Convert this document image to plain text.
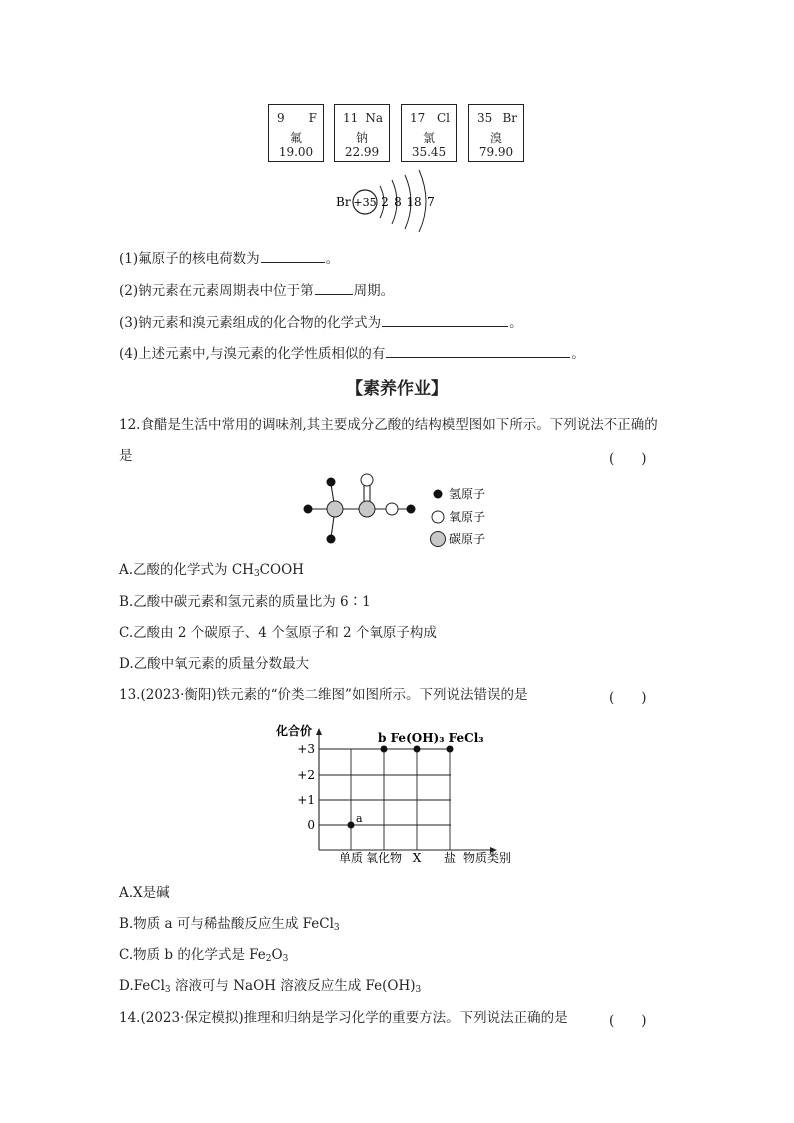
9 F
氟
19.00
11 Na
钠
22.99
17 Cl
氯
35.45
35 Br
溴
79.90
Br +35 2 8 18 7
(1)氟原子的核电荷数为	。
(2)钠元素在元素周期表中位于第	周期。
(3)钠元素和溴元素组成的化合物的化学式为	。
(4)上述元素中,与溴元素的化学性质相似的有	。
【素养作业】
12.食醋是生活中常用的调味剂,其主要成分乙酸的结构模型图如下所示。下列说法不正确的
是	(　　)
氢原子
氧原子
碳原子
A.乙酸的化学式为 $CH_3COOH$
B.乙酸中碳元素和氢元素的质量比为 6∶1
C.乙酸由 2 个碳原子、4 个氢原子和 2 个氧原子构成
D.乙酸中氧元素的质量分数最大
13.(2023·衡阳)铁元素的“价类二维图”如图所示。下列说法错误的是	(　　)
化合价
+3
+2
+1
0
单质 氧化物 X 盐 物质类别
a
b Fe(OH)₃ FeCl₃
A.X是碱
B.物质 a 可与稀盐酸反应生成 FeCl$_3$
C.物质 b 的化学式是 $Fe_2O_3$
D.FeCl$_3$ 溶液可与 NaOH 溶液反应生成 $Fe(OH)_3$
14.(2023·保定模拟)推理和归纳是学习化学的重要方法。下列说法正确的是	(　　)
